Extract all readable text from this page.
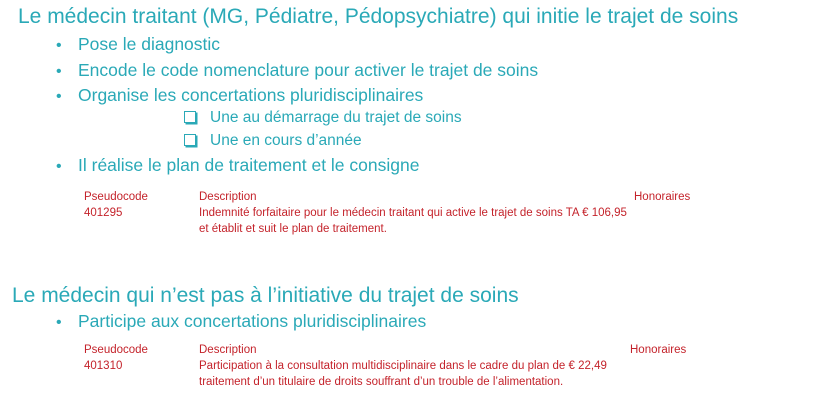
Le médecin traitant (MG, Pédiatre, Pédopsychiatre) qui initie le trajet de soins
• Pose le diagnostic
• Encode le code nomenclature pour activer le trajet de soins
• Organise les concertations pluridisciplinaires
Une au démarrage du trajet de soins
Une en cours d’année
• Il réalise le plan de traitement et le consigne
Pseudocode	Description	Honoraires
401295	Indemnité forfaitaire pour le médecin traitant qui active le trajet de soins TA € 106,95
et établit et suit le plan de traitement.
Le médecin qui n’est pas à l’initiative du trajet de soins
• Participe aux concertations pluridisciplinaires
Pseudocode	Description	Honoraires
401310	Participation à la consultation multidisciplinaire dans le cadre du plan de € 22,49
traitement d’un titulaire de droits souffrant d’un trouble de l’alimentation.
